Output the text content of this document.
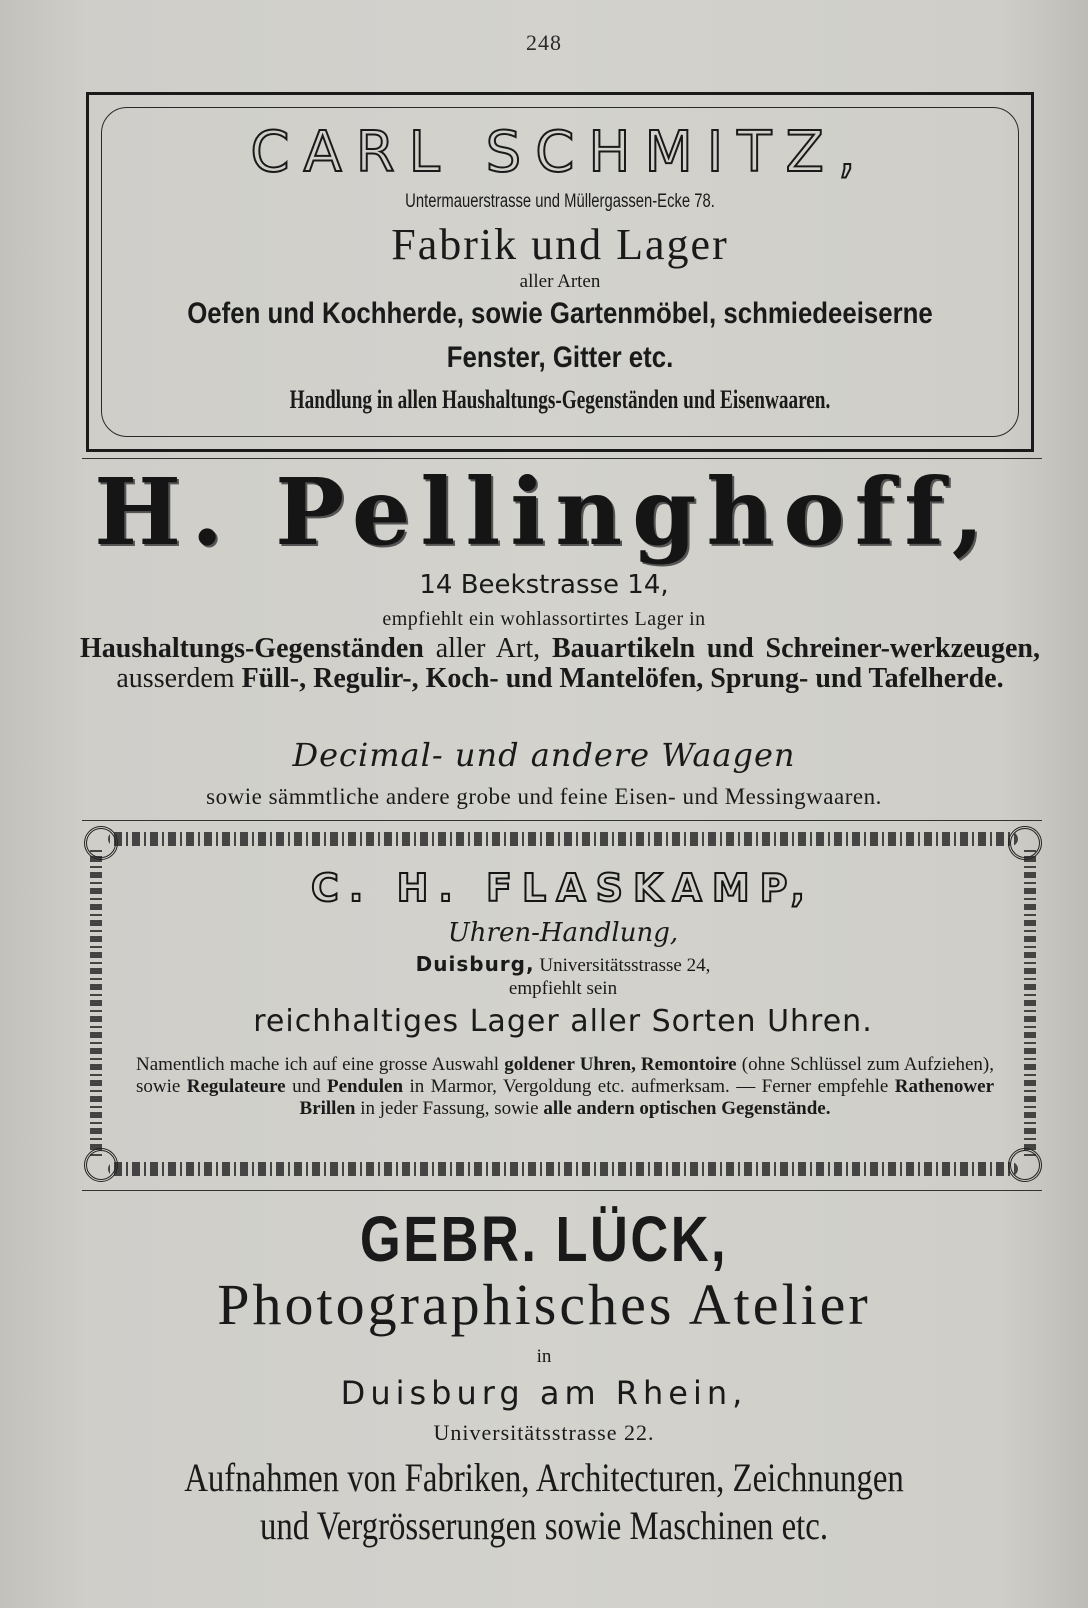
248
CARL SCHMITZ,
Untermauerstrasse und Müllergassen-Ecke 78.
Fabrik und Lager
aller Arten
Oefen und Kochherde, sowie Gartenmöbel, schmiedeeiserne
Fenster, Gitter etc.
Handlung in allen Haushaltungs-Gegenständen und Eisenwaaren.
H. Pellinghoff,
14 Beekstrasse 14,
empfiehlt ein wohlassortirtes Lager in
Haushaltungs-Gegenständen aller Art, Bauartikeln und Schreiner-werkzeugen, ausserdem Füll-, Regulir-, Koch- und Mantelöfen, Sprung- und Tafelherde.
Decimal- und andere Waagen
sowie sämmtliche andere grobe und feine Eisen- und Messingwaaren.
C. H. FLASKAMP,
Uhren-Handlung,
Duisburg, Universitätsstrasse 24,
empfiehlt sein
reichhaltiges Lager aller Sorten Uhren.
Namentlich mache ich auf eine grosse Auswahl goldener Uhren, Remontoire (ohne Schlüssel zum Aufziehen), sowie Regulateure und Pendulen in Marmor, Vergoldung etc. aufmerksam. — Ferner empfehle Rathenower Brillen in jeder Fassung, sowie alle andern optischen Gegenstände.
GEBR. LÜCK,
Photographisches Atelier
in
Duisburg am Rhein,
Universitätsstrasse 22.
Aufnahmen von Fabriken, Architecturen, Zeichnungen
und Vergrösserungen sowie Maschinen etc.
